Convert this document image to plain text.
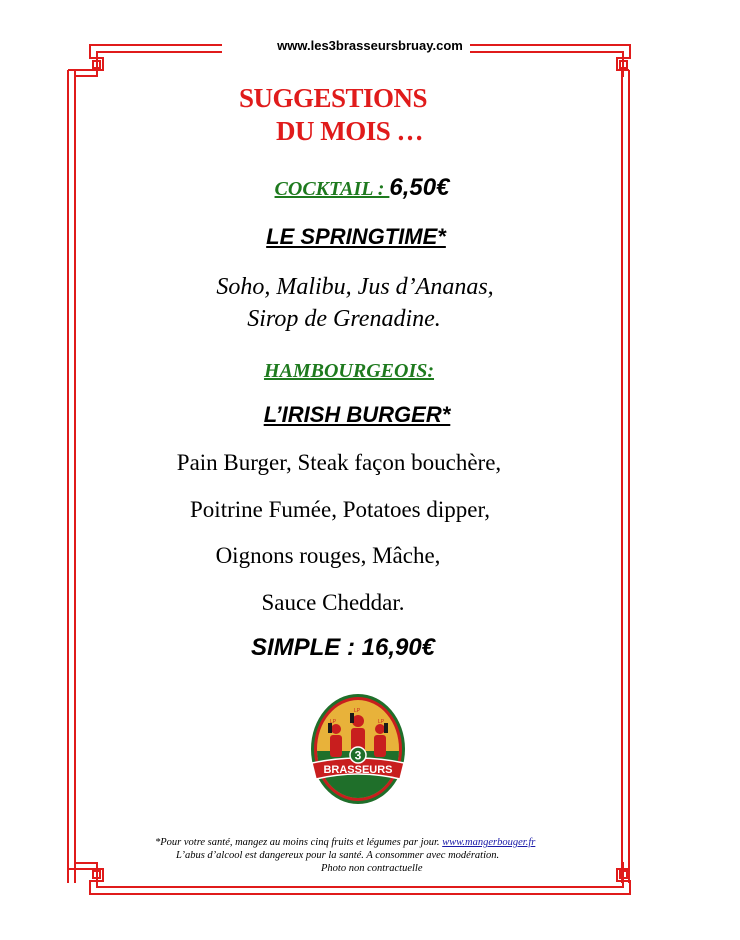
www.les3brasseursbruay.com
SUGGESTIONS
DU MOIS …
COCKTAIL : 6,50€
LE SPRINGTIME*
Soho, Malibu, Jus d’Ananas,
Sirop de Grenadine.
HAMBOURGEOIS:
L’IRISH BURGER*
Pain Burger, Steak façon bouchère,
Poitrine Fumée, Potatoes dipper,
Oignons rouges, Mâche,
Sauce Cheddar.
SIMPLE : 16,90€
3
BRASSEURS
LP
LP
LP
*Pour votre santé, mangez au moins cinq fruits et légumes par jour. www.mangerbouger.fr
L’abus d’alcool est dangereux pour la santé. A consommer avec modération.
Photo non contractuelle
